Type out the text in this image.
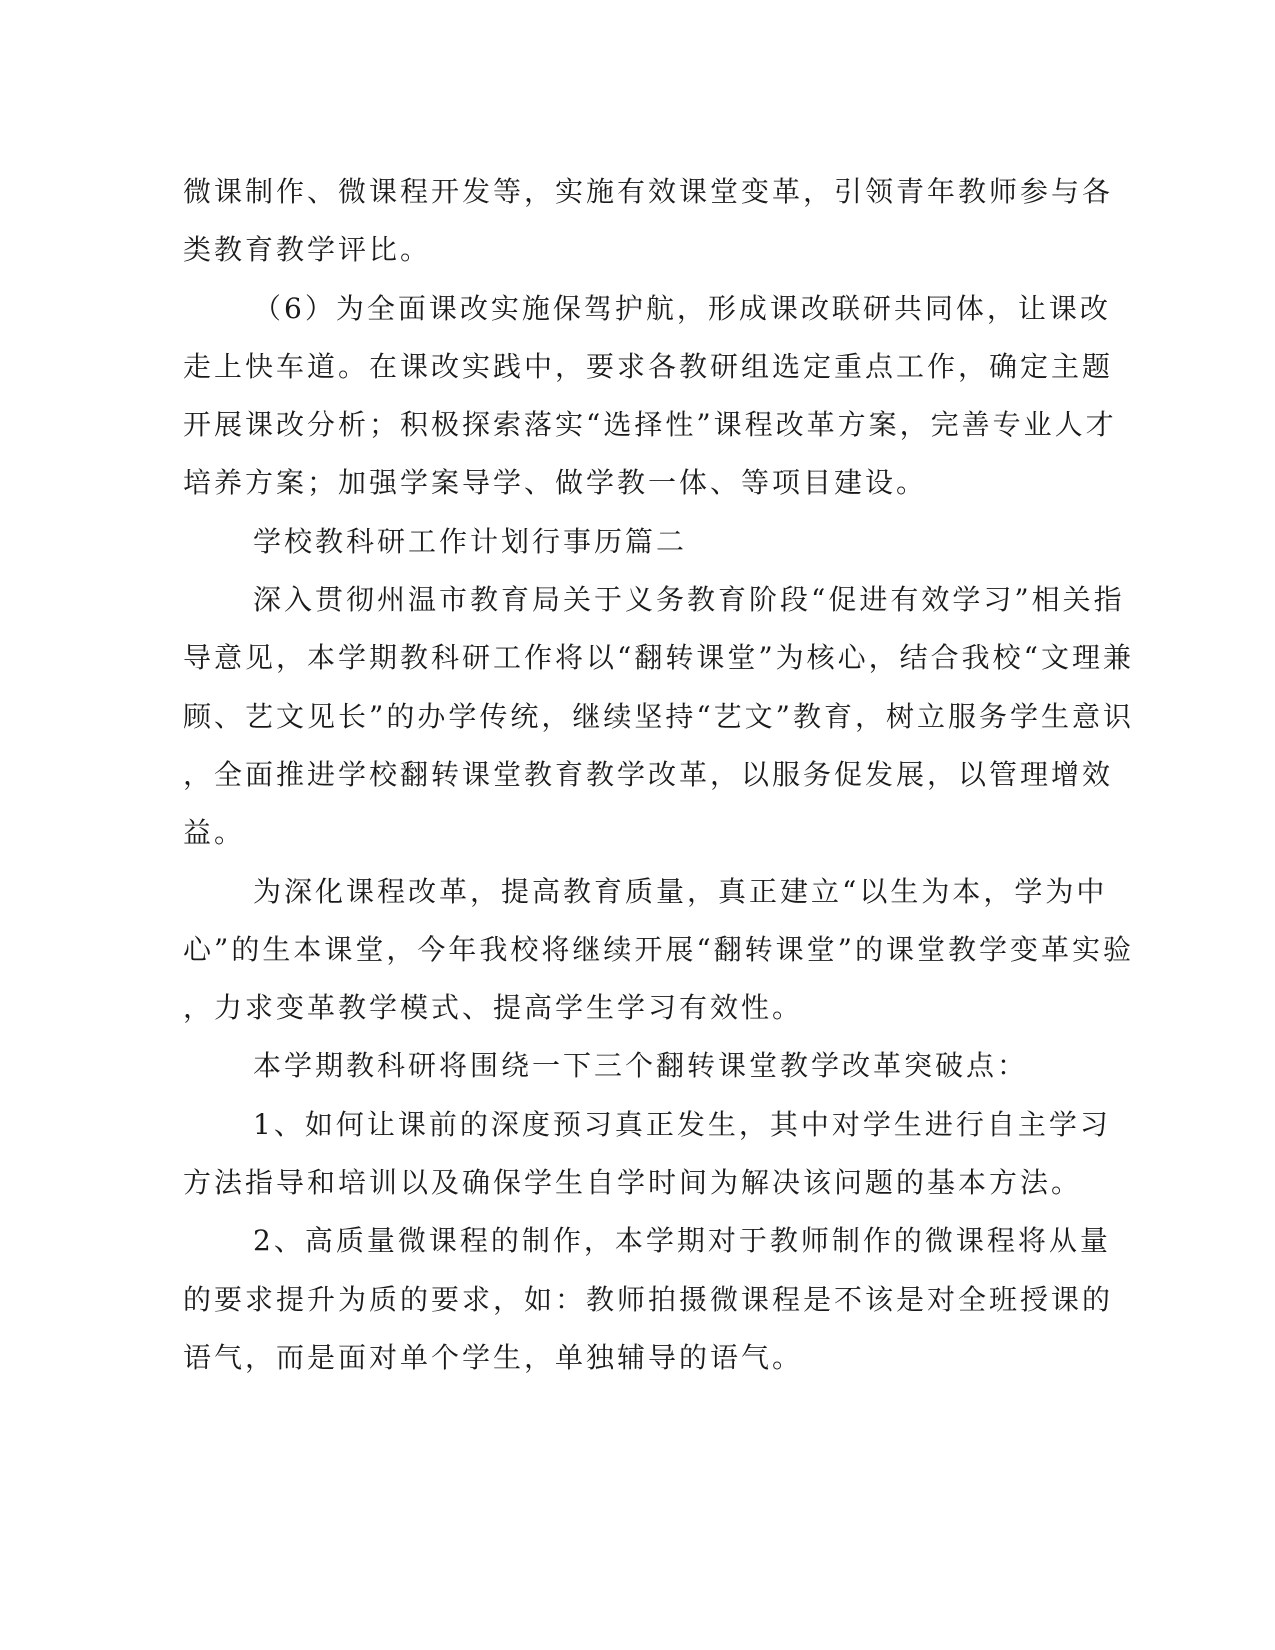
微课制作、微课程开发等，实施有效课堂变革，引领青年教师参与各
类教育教学评比。
（6）为全面课改实施保驾护航，形成课改联研共同体，让课改
走上快车道。在课改实践中，要求各教研组选定重点工作，确定主题
开展课改分析；积极探索落实“选择性”课程改革方案，完善专业人才
培养方案；加强学案导学、做学教一体、等项目建设。
学校教科研工作计划行事历篇二
深入贯彻州温市教育局关于义务教育阶段“促进有效学习”相关指
导意见，本学期教科研工作将以“翻转课堂”为核心，结合我校“文理兼
顾、艺文见长”的办学传统，继续坚持“艺文”教育，树立服务学生意识
，全面推进学校翻转课堂教育教学改革，以服务促发展，以管理增效
益。
为深化课程改革，提高教育质量，真正建立“以生为本，学为中
心”的生本课堂，今年我校将继续开展“翻转课堂”的课堂教学变革实验
，力求变革教学模式、提高学生学习有效性。
本学期教科研将围绕一下三个翻转课堂教学改革突破点：
1、如何让课前的深度预习真正发生，其中对学生进行自主学习
方法指导和培训以及确保学生自学时间为解决该问题的基本方法。
2、高质量微课程的制作，本学期对于教师制作的微课程将从量
的要求提升为质的要求，如：教师拍摄微课程是不该是对全班授课的
语气，而是面对单个学生，单独辅导的语气。
